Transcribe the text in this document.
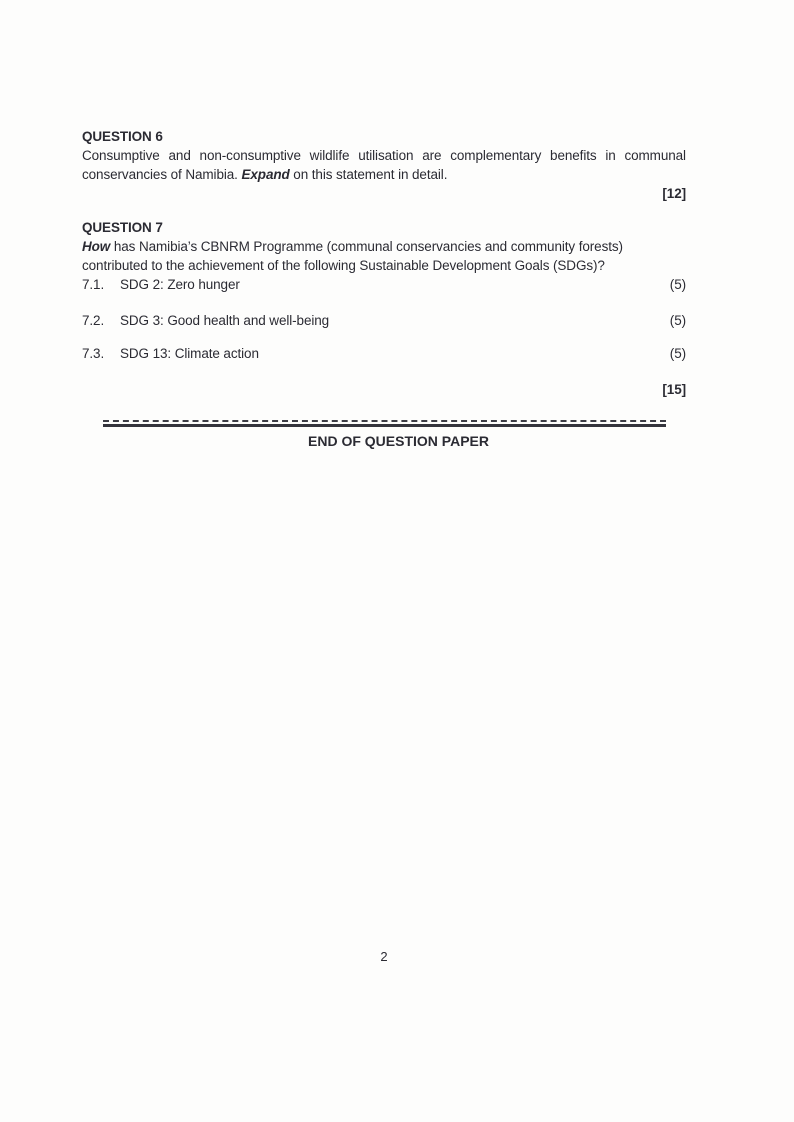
QUESTION 6
Consumptive and non-consumptive wildlife utilisation are complementary benefits in communal
conservancies of Namibia. Expand on this statement in detail.
[12]
QUESTION 7
How has Namibia’s CBNRM Programme (communal conservancies and community forests)
contributed to the achievement of the following Sustainable Development Goals (SDGs)?
7.1.	SDG 2: Zero hunger	(5)
7.2.	SDG 3: Good health and well-being	(5)
7.3.	SDG 13: Climate action	(5)
[15]
END OF QUESTION PAPER
2
